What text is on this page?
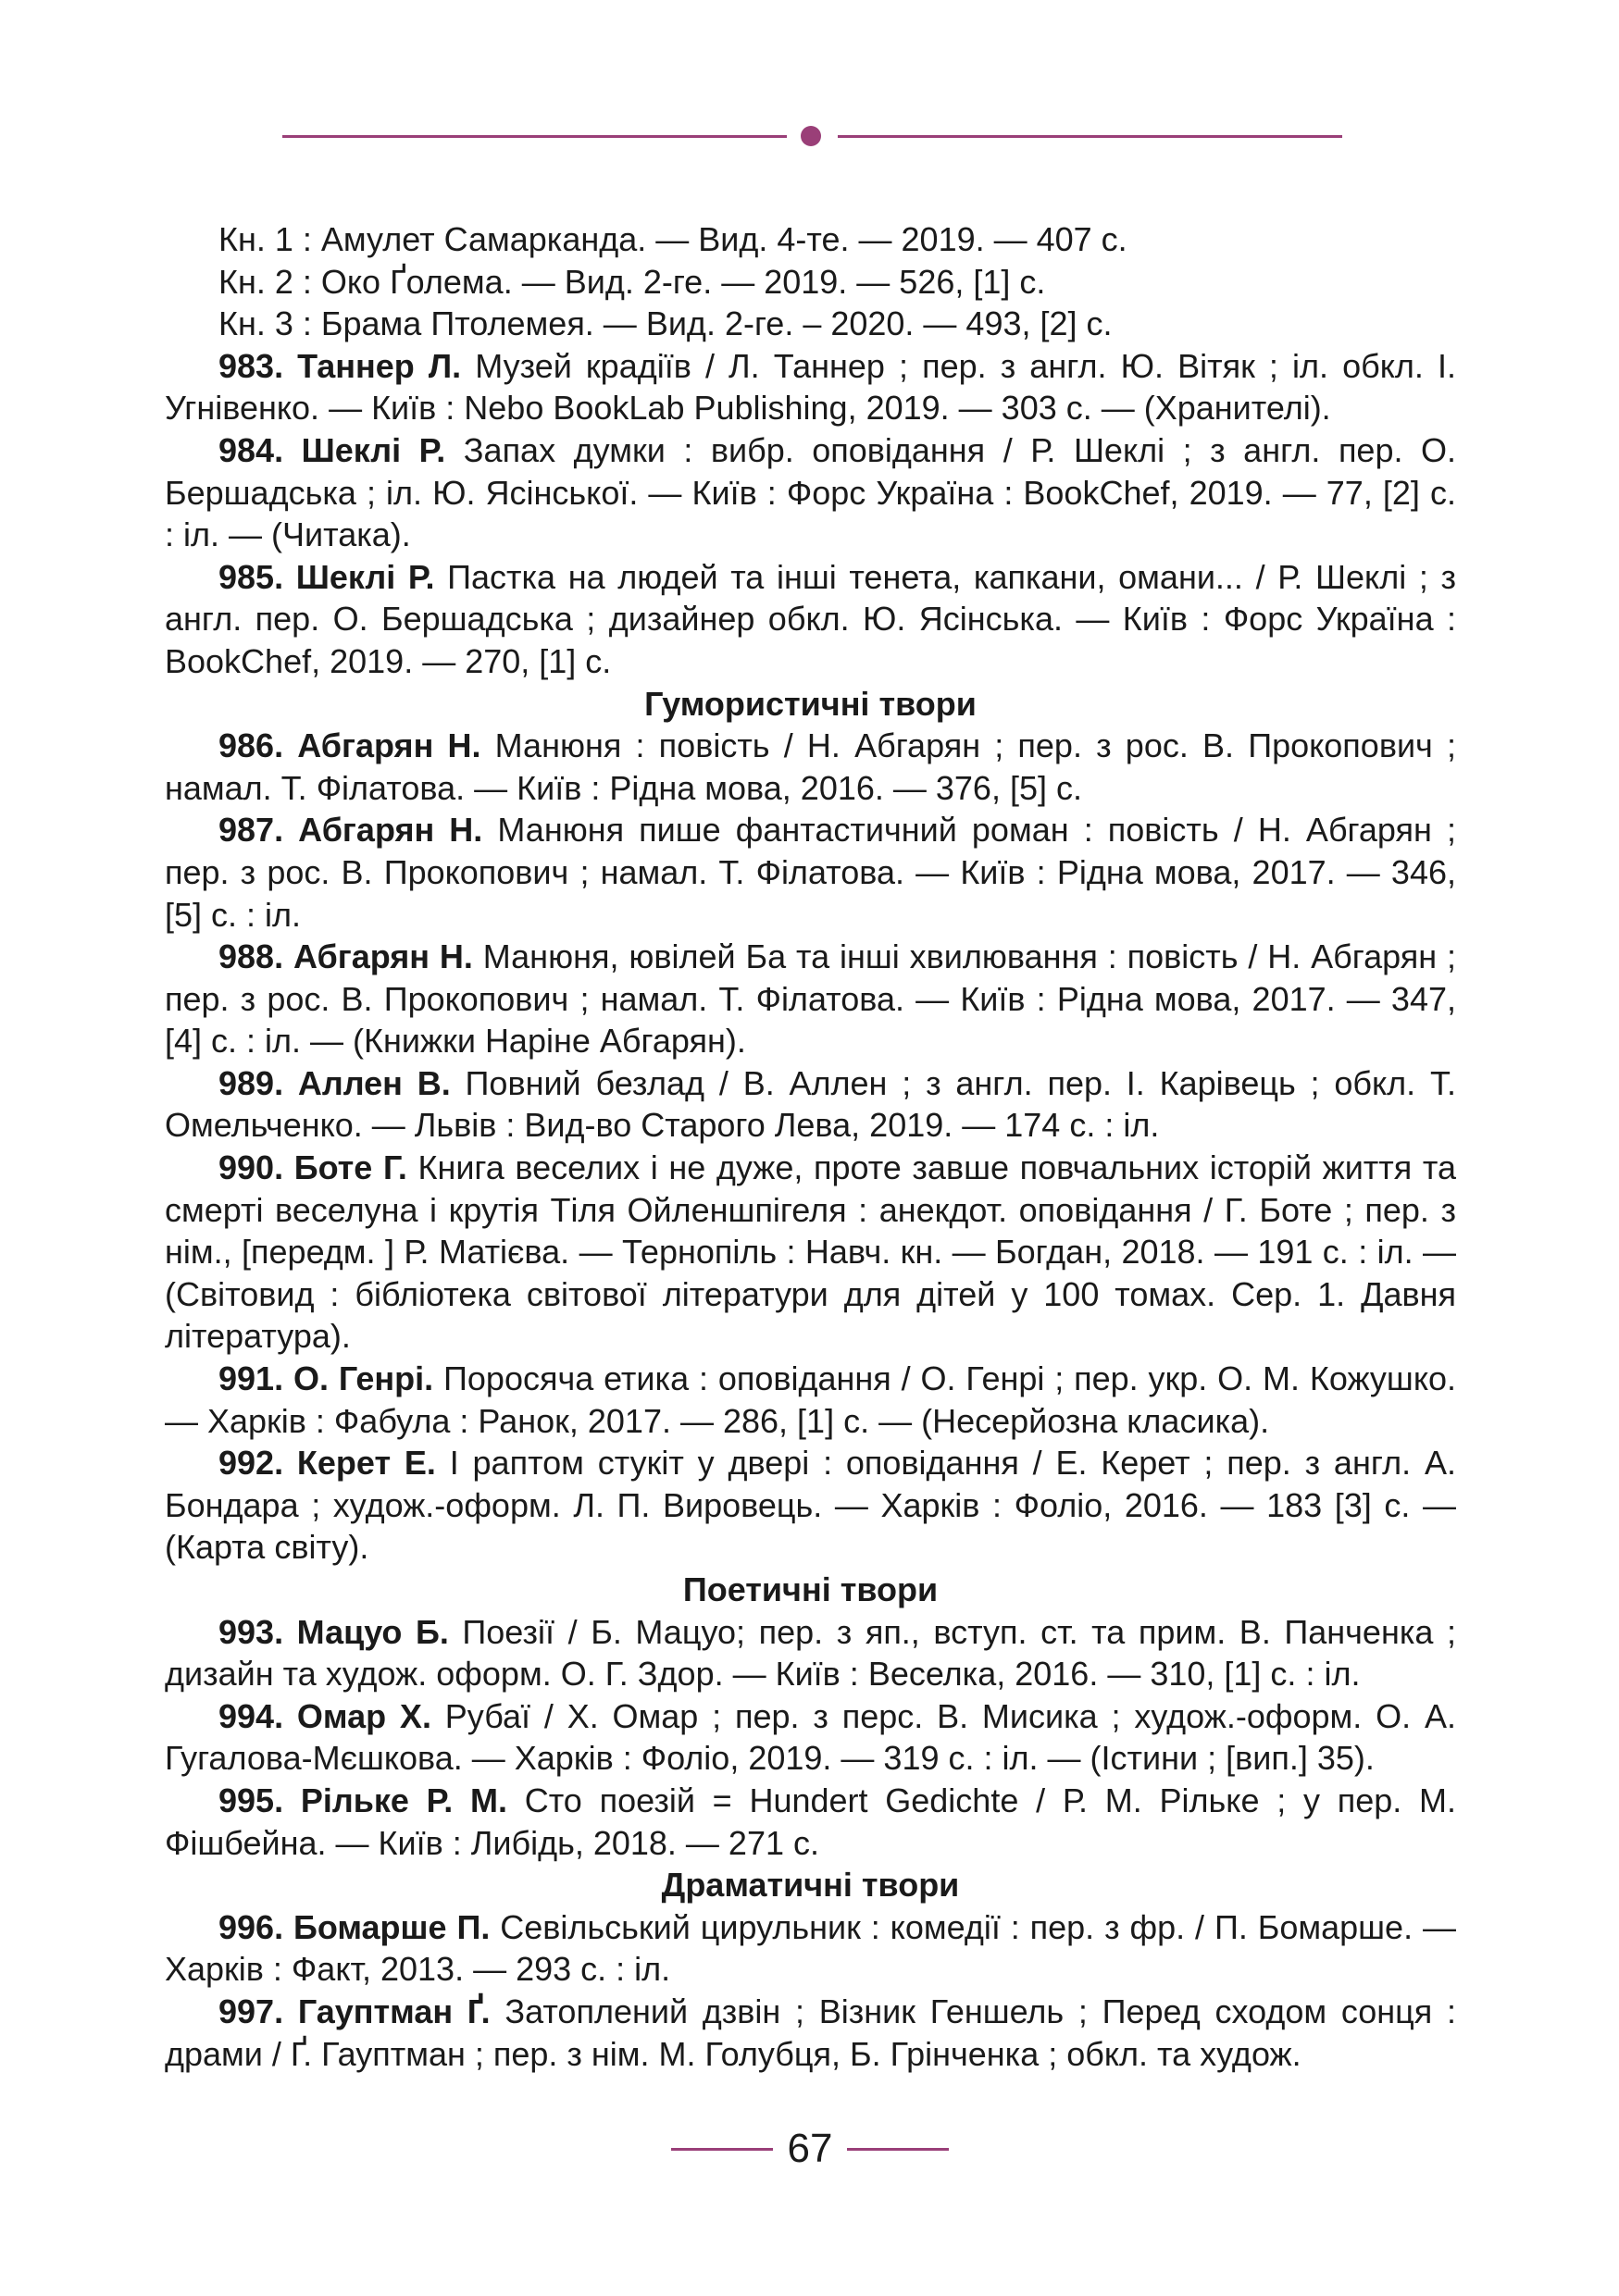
Кн. 1 : Амулет Самарканда. — Вид. 4-те. — 2019. — 407 с.

Кн. 2 : Око Ґолема. — Вид. 2-ге. — 2019. — 526, [1] с.

Кн. 3 : Брама Птолемея. — Вид. 2-ге. – 2020. — 493, [2] с.

983. Таннер Л. Музей крадіїв / Л. Таннер ; пер. з англ. Ю. Вітяк ; іл. обкл. І. Угнівенко. — Київ : Nebo BookLab Publishing, 2019. — 303 с. — (Хранителі).

984. Шеклі Р. Запах думки : вибр. оповідання / Р. Шеклі ; з англ. пер. О. Бершадська ; іл. Ю. Ясінської. — Київ : Форс Україна : BookChef, 2019. — 77, [2] с. : іл. — (Читака).

985. Шеклі Р. Пастка на людей та інші тенета, капкани, омани... / Р. Шеклі ; з англ. пер. О. Бершадська ; дизайнер обкл. Ю. Ясінська. — Київ : Форс Україна : BookChef, 2019. — 270, [1] с.

Гумористичні твори

986. Абгарян Н. Манюня : повість / Н. Абгарян ; пер. з рос. В. Прокопович ; намал. Т. Філатова. — Київ : Рідна мова, 2016. — 376, [5] с.

987. Абгарян Н. Манюня пише фантастичний роман : повість / Н. Абгарян ; пер. з рос. В. Прокопович ; намал. Т. Філатова. — Київ : Рідна мова, 2017. — 346, [5] с. : іл.

988. Абгарян Н. Манюня, ювілей Ба та інші хвилювання : повість / Н. Абгарян ; пер. з рос. В. Прокопович ; намал. Т. Філатова. — Київ : Рідна мова, 2017. — 347, [4] с. : іл. — (Книжки Наріне Абгарян).

989. Аллен В. Повний безлад / В. Аллен ; з англ. пер. І. Карівець ; обкл. Т. Омельченко. — Львів : Вид-во Старого Лева, 2019. — 174 с. : іл.

990. Боте Г. Книга веселих і не дуже, проте завше повчальних історій життя та смерті веселуна і крутія Тіля Ойленшпігеля : анекдот. оповідання / Г. Боте ; пер. з нім., [передм. ] Р. Матієва. — Тернопіль : Навч. кн. — Богдан, 2018. — 191 с. : іл. — (Світовид : бібліотека світової літератури для дітей у 100 томах. Сер. 1. Давня література).

991. О. Генрі. Поросяча етика : оповідання / О. Генрі ; пер. укр. О. М. Кожушко. — Харків : Фабула : Ранок, 2017. — 286, [1] с. — (Несерйозна класика).

992. Керет Е. І раптом стукіт у двері : оповідання / Е. Керет ; пер. з англ. А. Бондара ; худож.-оформ. Л. П. Вировець. — Харків : Фоліо, 2016. — 183 [3] с. — (Карта світу).

Поетичні твори

993. Мацуо Б. Поезії / Б. Мацуо; пер. з яп., вступ. ст. та прим. В. Панченка ; дизайн та худож. оформ. О. Г. Здор. — Київ : Веселка, 2016. — 310, [1] с. : іл.

994. Омар Х. Рубаї / Х. Омар ; пер. з перс. В. Мисика ; худож.-оформ. О. А. Гугалова-Мєшкова. — Харків : Фоліо, 2019. — 319 с. : іл. — (Істини ; [вип.] 35).

995. Рільке Р. М. Сто поезій = Hundert Gedichte / Р. М. Рільке ; у пер. М. Фішбейна. — Київ : Либідь, 2018. — 271 с.

Драматичні твори

996. Бомарше П. Севільський цирульник : комедії : пер. з фр. / П. Бомарше. — Харків : Факт, 2013. — 293 с. : іл.

997. Гауптман Ґ. Затоплений дзвін ; Візник Геншель ; Перед сходом сонця : драми / Ґ. Гауптман ; пер. з нім. М. Голубця, Б. Грінченка ; обкл. та худож.

67
